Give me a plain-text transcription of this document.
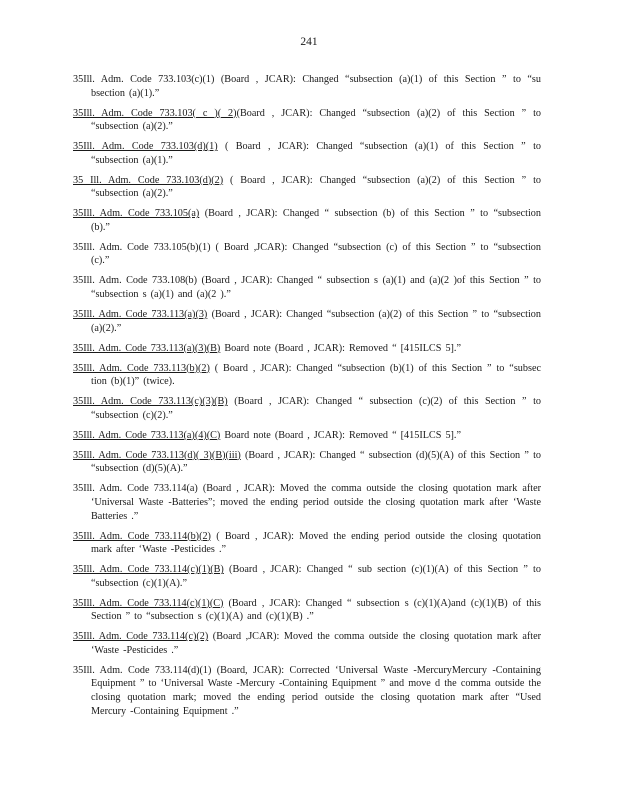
241

35Ill. Adm. Code 733.103(c)(1) (Board , JCAR): Changed “subsection (a)(1) of this Section ” to “su bsection (a)(1).”

35Ill. Adm. Code 733.103( c )( 2)(Board , JCAR): Changed “subsection (a)(2) of this Section ” to “subsection (a)(2).”

35Ill. Adm. Code 733.103(d)(1) ( Board , JCAR): Changed “subsection (a)(1) of this Section ” to “subsection (a)(1).”

35 Ill. Adm. Code 733.103(d)(2) ( Board , JCAR): Changed “subsection (a)(2) of this Section ” to “subsection (a)(2).”

35Ill. Adm. Code 733.105(a) (Board , JCAR): Changed “ subsection (b) of this Section ” to “subsection (b).”

35Ill. Adm. Code 733.105(b)(1) ( Board ,JCAR): Changed “subsection (c) of this Section ” to “subsection (c).”

35Ill. Adm. Code 733.108(b) (Board , JCAR): Changed “ subsection s (a)(1) and (a)(2 )of this Section ” to “subsection s (a)(1) and (a)(2 ).”

35Ill. Adm. Code 733.113(a)(3) (Board , JCAR): Changed “subsection (a)(2) of this Section ” to “subsection (a)(2).”

35Ill. Adm. Code 733.113(a)(3)(B) Board note (Board , JCAR): Removed “ [415ILCS 5].”

35Ill. Adm. Code 733.113(b)(2) ( Board , JCAR): Changed “subsection (b)(1) of this Section ” to “subsec tion (b)(1)” (twice).

35Ill. Adm. Code 733.113(c)(3)(B) (Board , JCAR): Changed “ subsection (c)(2) of this Section ” to “subsection (c)(2).”

35Ill. Adm. Code 733.113(a)(4)(C) Board note (Board , JCAR): Removed “ [415ILCS 5].”

35Ill. Adm. Code 733.113(d)( 3)(B)(iii) (Board , JCAR): Changed “ subsection (d)(5)(A) of this Section ” to “subsection (d)(5)(A).”

35Ill. Adm. Code 733.114(a) (Board , JCAR): Moved the comma outside the closing quotation mark after ‘Universal Waste -Batteries”; moved the ending period outside the closing quotation mark after ‘Waste Batteries .”

35Ill. Adm. Code 733.114(b)(2) ( Board , JCAR): Moved the ending period outside the closing quotation mark after ‘Waste -Pesticides .”

35Ill. Adm. Code 733.114(c)(1)(B) (Board , JCAR): Changed “ sub section (c)(1)(A) of this Section ” to “subsection (c)(1)(A).”

35Ill. Adm. Code 733.114(c)(1)(C) (Board , JCAR): Changed “ subsection s (c)(1)(A)and (c)(1)(B) of this Section ” to “subsection s (c)(1)(A) and (c)(1)(B) .”

35Ill. Adm. Code 733.114(c)(2) (Board ,JCAR): Moved the comma outside the closing quotation mark after ‘Waste -Pesticides .”

35Ill. Adm. Code 733.114(d)(1) (Board, JCAR): Corrected ‘Universal Waste -MercuryMercury -Containing Equipment ” to ‘Universal Waste -Mercury -Containing Equipment ” and move d the comma outside the closing quotation mark; moved the ending period outside the closing quotation mark after “Used Mercury -Containing Equipment .”
